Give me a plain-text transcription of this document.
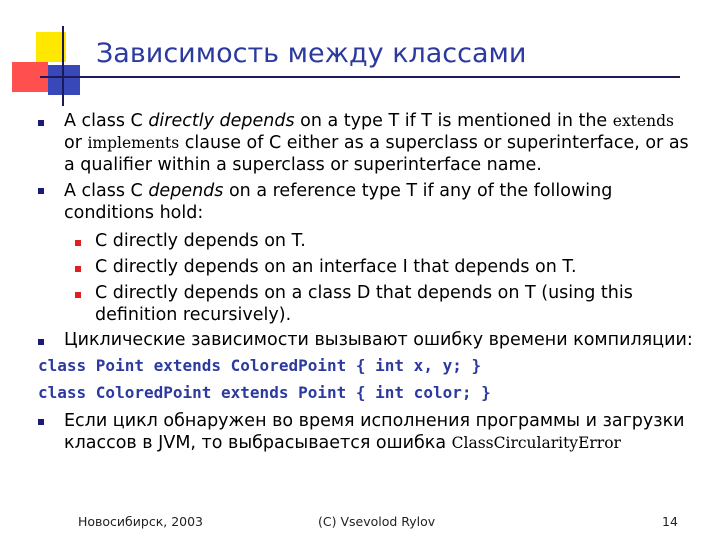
Зависимость между классами
A class C directly depends on a type T if T is mentioned in the extends
or implements clause of C either as a superclass or superinterface, or as
a qualifier within a superclass or superinterface name.
A class C depends on a reference type T if any of the following
conditions hold:
C directly depends on T.
C directly depends on an interface I that depends on T.
C directly depends on a class D that depends on T (using this
definition recursively).
Циклические зависимости вызывают ошибку времени компиляции:
class Point extends ColoredPoint { int x, y; }
class ColoredPoint extends Point { int color; }
Если цикл обнаружен во время исполнения программы и загрузки
классов в JVM, то выбрасывается ошибка ClassCircularityError
Новосибирск, 2003	(C) Vsevolod Rylov	14
